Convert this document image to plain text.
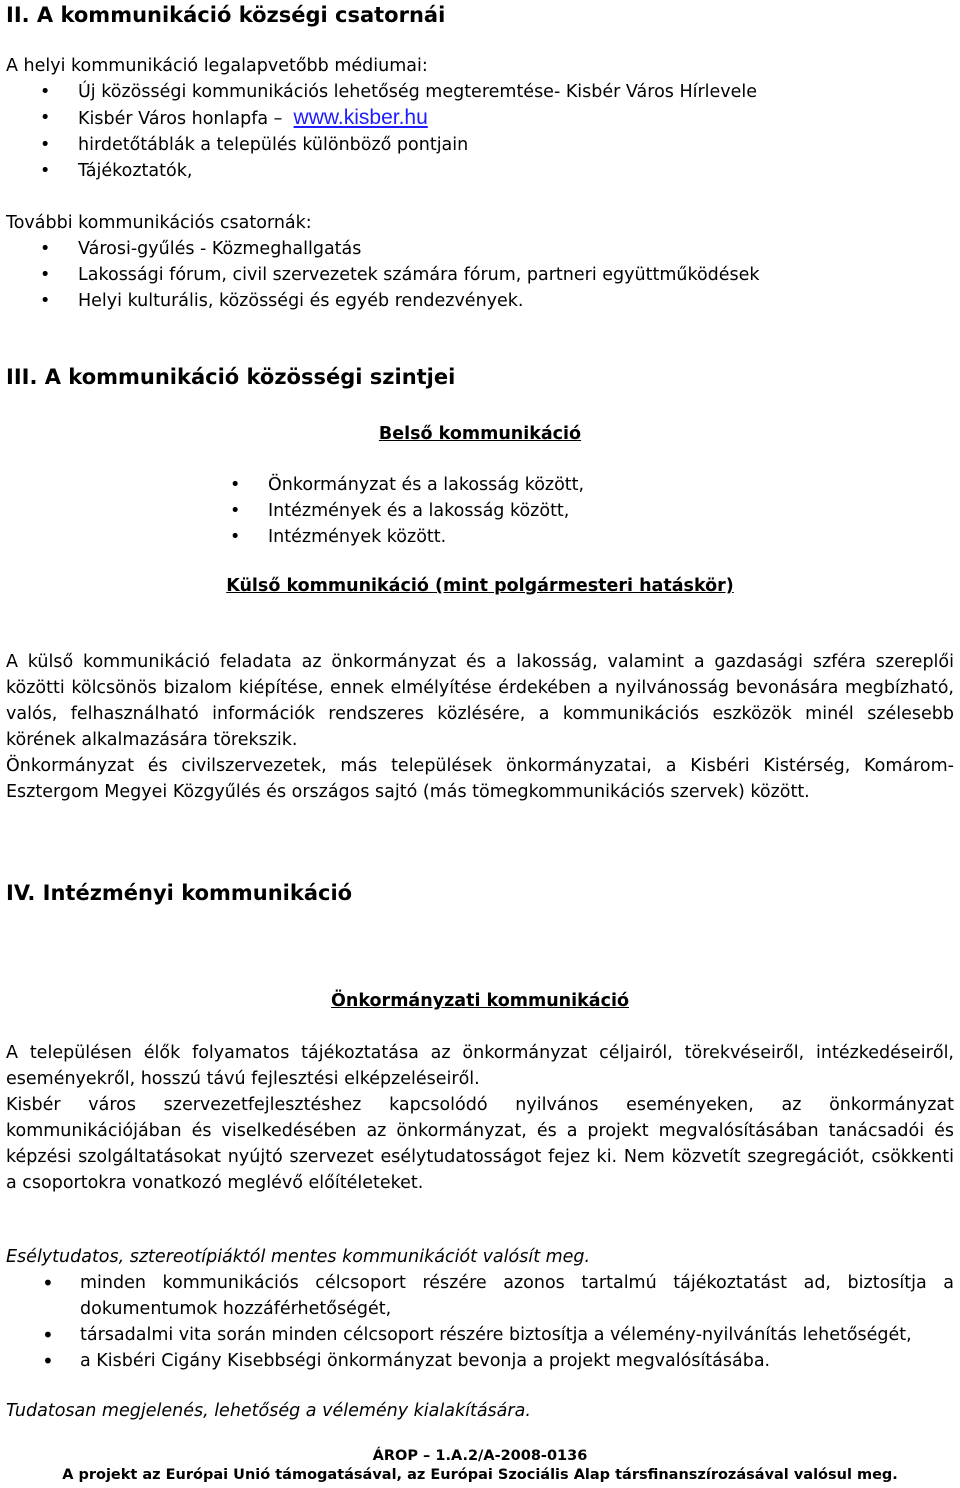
II. A kommunikáció községi csatornái

A helyi kommunikáció legalapvetőbb médiumai:

• Új közösségi kommunikációs lehetőség megteremtése- Kisbér Város Hírlevele
• Kisbér Város honlapfa – www.kisber.hu
• hirdetőtáblák a település különböző pontjain
• Tájékoztatók,

További kommunikációs csatornák:

• Városi-gyűlés - Közmeghallgatás
• Lakossági fórum, civil szervezetek számára fórum, partneri együttműködések
• Helyi kulturális, közösségi és egyéb rendezvények.

III. A kommunikáció közösségi szintjei

Belső kommunikáció

• Önkormányzat és a lakosság között,
• Intézmények és a lakosság között,
• Intézmények között.

Külső kommunikáció (mint polgármesteri hatáskör)

A külső kommunikáció feladata az önkormányzat és a lakosság, valamint a gazdasági szféra szereplői közötti kölcsönös bizalom kiépítése, ennek elmélyítése érdekében a nyilvánosság bevonására megbízható, valós, felhasználható információk rendszeres közlésére, a kommunikációs eszközök minél szélesebb körének alkalmazására törekszik.

Önkormányzat és civilszervezetek, más települések önkormányzatai, a Kisbéri Kistérség, Komárom-Esztergom Megyei Közgyűlés és országos sajtó (más tömegkommunikációs szervek) között.

IV. Intézményi kommunikáció

Önkormányzati kommunikáció

A településen élők folyamatos tájékoztatása az önkormányzat céljairól, törekvéseiről, intézkedéseiről, eseményekről, hosszú távú fejlesztési elképzeléseiről.

Kisbér város szervezetfejlesztéshez kapcsolódó nyilvános eseményeken, az önkormányzat kommunikációjában és viselkedésében az önkormányzat, és a projekt megvalósításában tanácsadói és képzési szolgáltatásokat nyújtó szervezet esélytudatosságot fejez ki. Nem közvetít szegregációt, csökkenti a csoportokra vonatkozó meglévő előítéleteket.

Esélytudatos, sztereotípiáktól mentes kommunikációt valósít meg.

• minden kommunikációs célcsoport részére azonos tartalmú tájékoztatást ad, biztosítja a dokumentumok hozzáférhetőségét,
• társadalmi vita során minden célcsoport részére biztosítja a vélemény-nyilvánítás lehetőségét,
• a Kisbéri Cigány Kisebbségi önkormányzat bevonja a projekt megvalósításába.

Tudatosan megjelenés, lehetőség a vélemény kialakítására.

ÁROP – 1.A.2/A-2008-0136
A projekt az Európai Unió támogatásával, az Európai Szociális Alap társfinanszírozásával valósul meg.
